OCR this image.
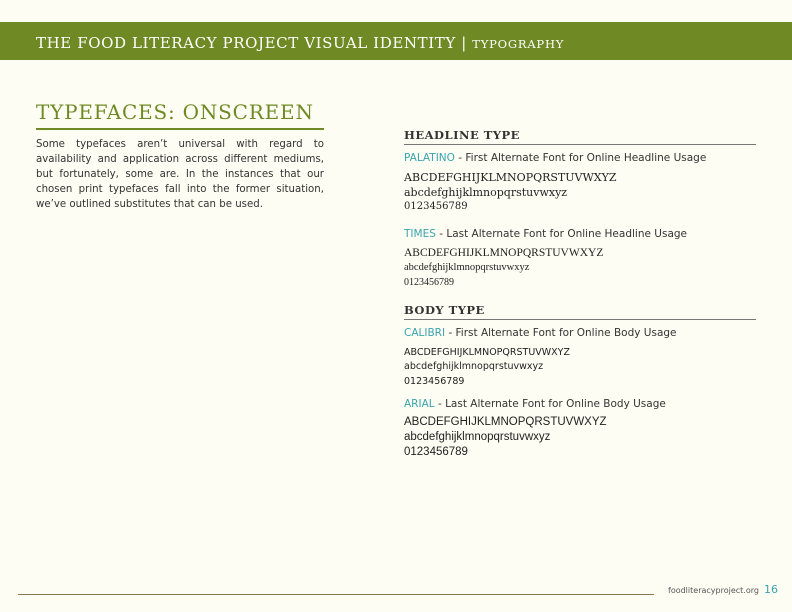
THE FOOD LITERACY PROJECT VISUAL IDENTITY | TYPOGRAPHY
TYPEFACES: ONSCREEN

Some typefaces aren’t universal with regard to availability and application across different mediums, but fortunately, some are. In the instances that our chosen print typefaces fall into the former situation, we’ve outlined substitutes that can be used.

HEADLINE TYPE
PALATINO - First Alternate Font for Online Headline Usage
ABCDEFGHIJKLMNOPQRSTUVWXYZ
abcdefghijklmnopqrstuvwxyz
0123456789
TIMES - Last Alternate Font for Online Headline Usage
ABCDEFGHIJKLMNOPQRSTUVWXYZ
abcdefghijklmnopqrstuvwxyz
0123456789
BODY TYPE
CALIBRI - First Alternate Font for Online Body Usage
ABCDEFGHIJKLMNOPQRSTUVWXYZ
abcdefghijklmnopqrstuvwxyz
0123456789
ARIAL - Last Alternate Font for Online Body Usage
ABCDEFGHIJKLMNOPQRSTUVWXYZ
abcdefghijklmnopqrstuvwxyz
0123456789
foodliteracyproject.org 16
